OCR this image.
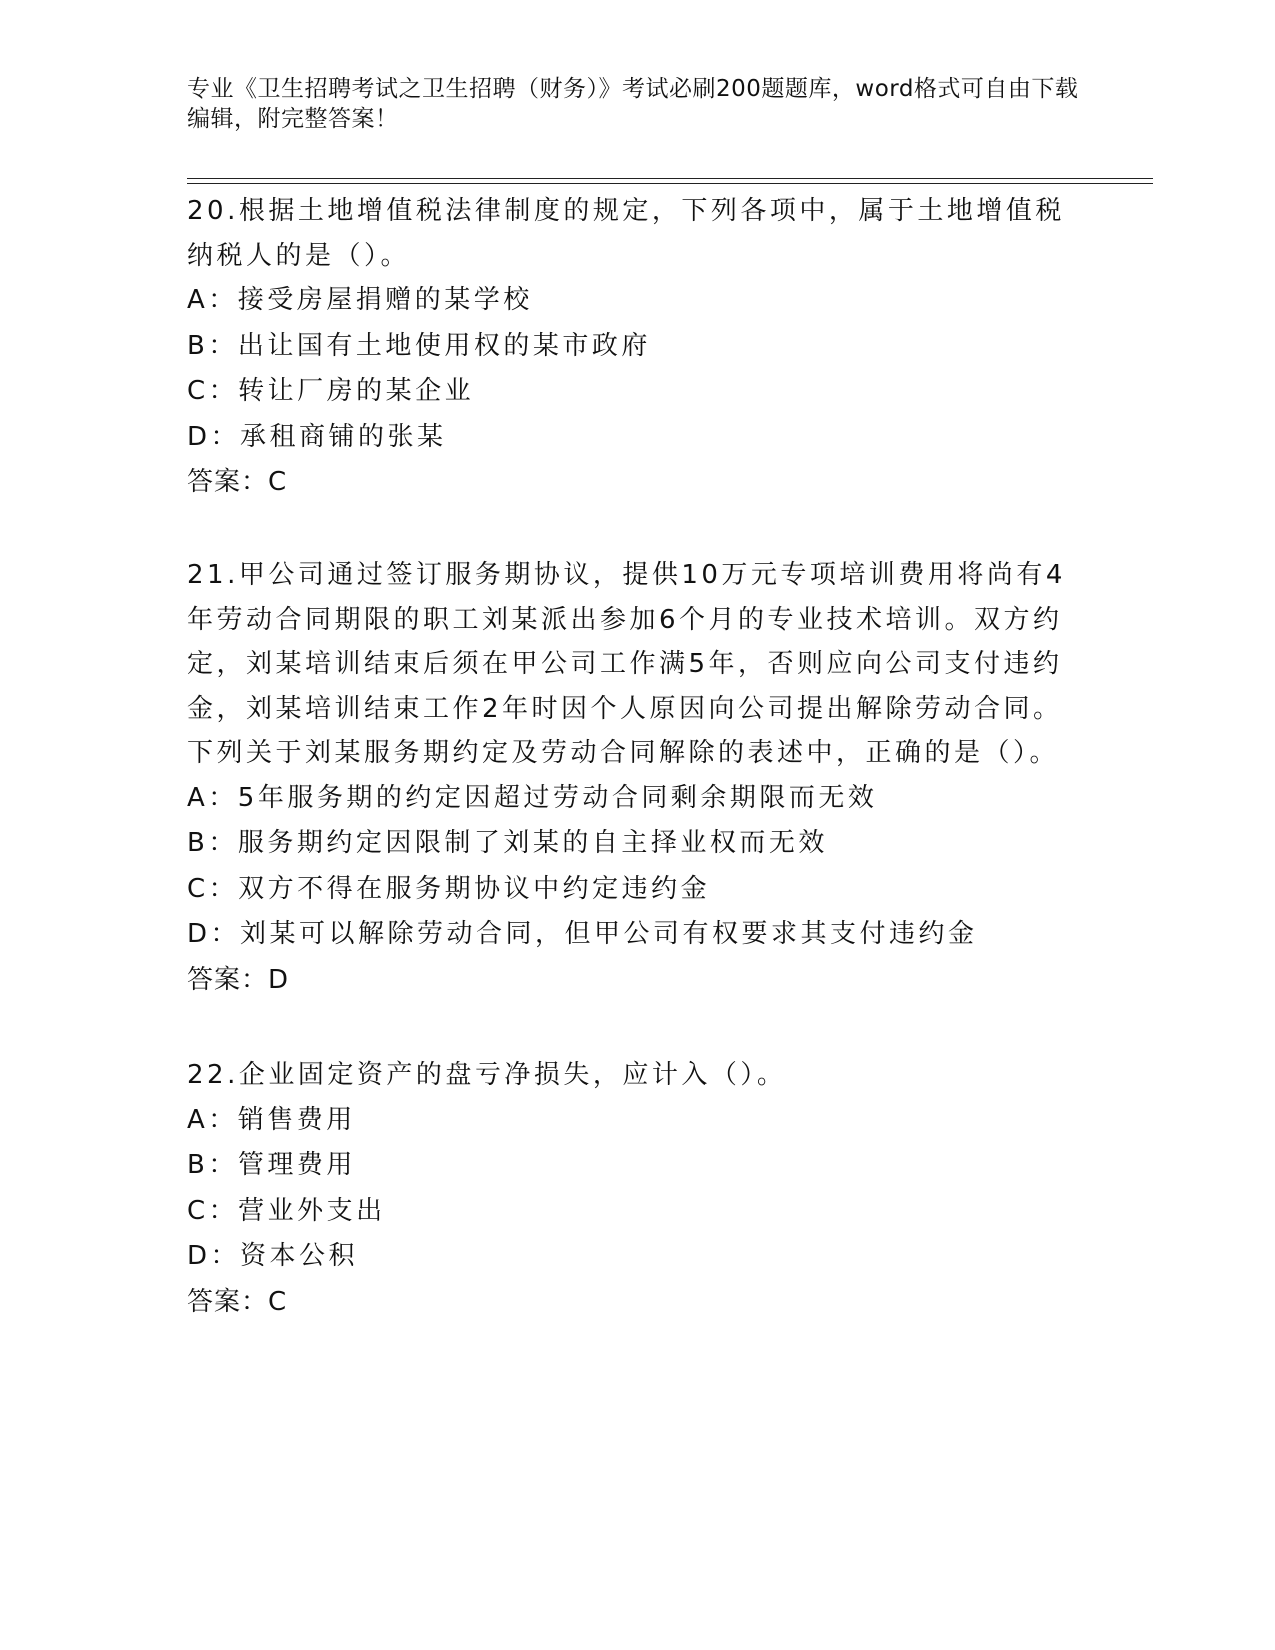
专业《卫生招聘考试之卫生招聘（财务）》考试必刷200题题库，word格式可自由下载编辑，附完整答案！

20.根据土地增值税法律制度的规定，下列各项中，属于土地增值税纳税人的是（）。

A：接受房屋捐赠的某学校

B：出让国有土地使用权的某市政府

C：转让厂房的某企业

D：承租商铺的张某

答案：C

21.甲公司通过签订服务期协议，提供10万元专项培训费用将尚有4年劳动合同期限的职工刘某派出参加6个月的专业技术培训。双方约定，刘某培训结束后须在甲公司工作满5年，否则应向公司支付违约金，刘某培训结束工作2年时因个人原因向公司提出解除劳动合同。下列关于刘某服务期约定及劳动合同解除的表述中，正确的是（）。

A：5年服务期的约定因超过劳动合同剩余期限而无效

B：服务期约定因限制了刘某的自主择业权而无效

C：双方不得在服务期协议中约定违约金

D：刘某可以解除劳动合同，但甲公司有权要求其支付违约金

答案：D

22.企业固定资产的盘亏净损失，应计入（）。

A：销售费用

B：管理费用

C：营业外支出

D：资本公积

答案：C
